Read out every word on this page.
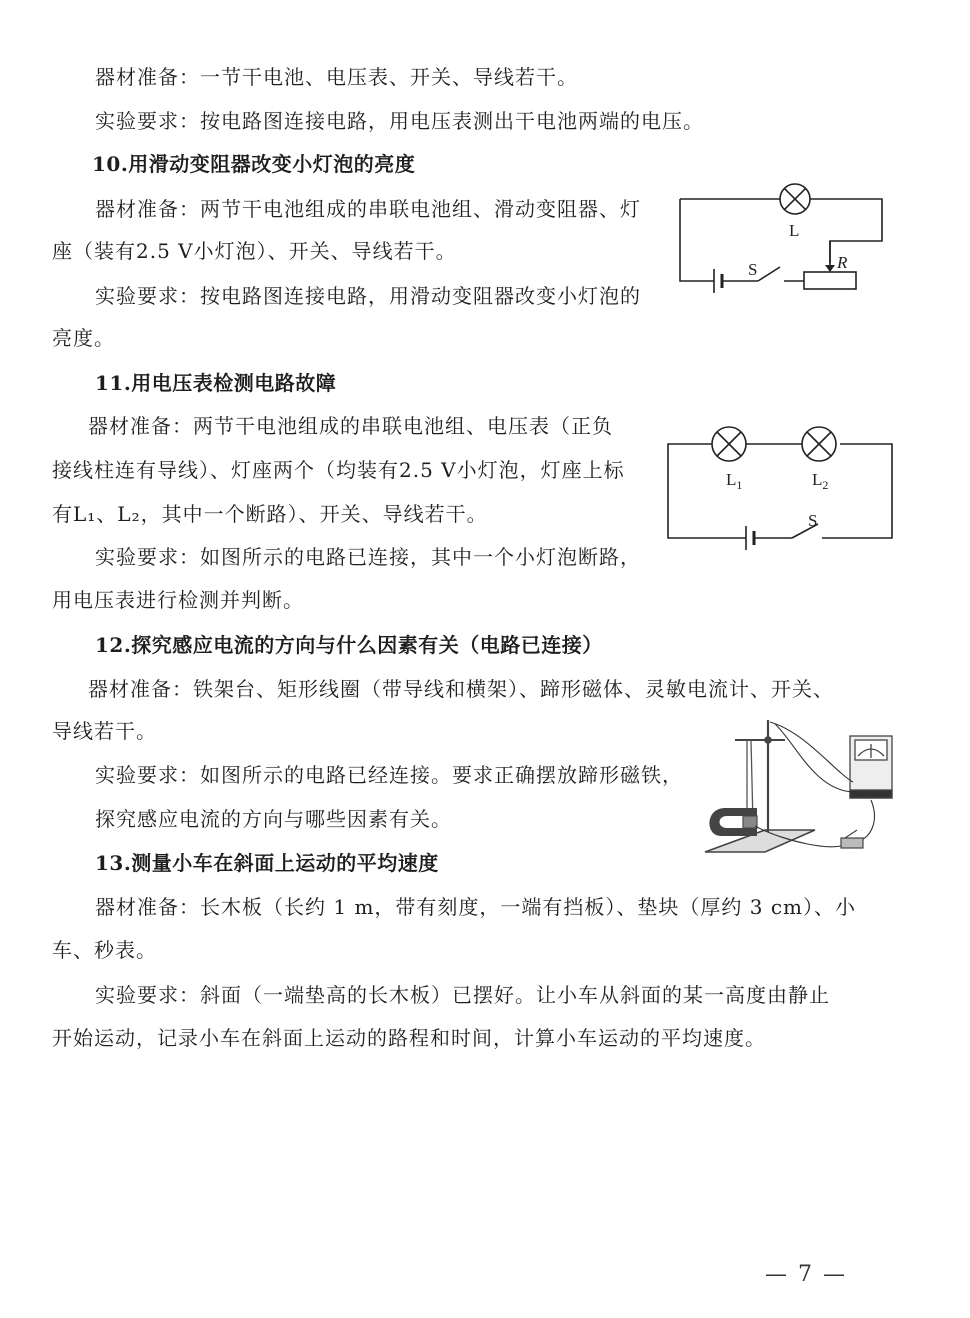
器材准备：一节干电池、电压表、开关、导线若干。
实验要求：按电路图连接电路，用电压表测出干电池两端的电压。
10.用滑动变阻器改变小灯泡的亮度
器材准备：两节干电池组成的串联电池组、滑动变阻器、灯
座（装有2.5 V小灯泡）、开关、导线若干。
实验要求：按电路图连接电路，用滑动变阻器改变小灯泡的
亮度。
11.用电压表检测电路故障
器材准备：两节干电池组成的串联电池组、电压表（正负
接线柱连有导线）、灯座两个（均装有2.5 V小灯泡，灯座上标
有L₁、L₂，其中一个断路）、开关、导线若干。
实验要求：如图所示的电路已连接，其中一个小灯泡断路，
用电压表进行检测并判断。
12.探究感应电流的方向与什么因素有关（电路已连接）
器材准备：铁架台、矩形线圈（带导线和横架）、蹄形磁体、灵敏电流计、开关、
导线若干。
实验要求：如图所示的电路已经连接。要求正确摆放蹄形磁铁，
探究感应电流的方向与哪些因素有关。
13.测量小车在斜面上运动的平均速度
器材准备：长木板（长约 1 m，带有刻度，一端有挡板）、垫块（厚约 3 cm）、小
车、秒表。
实验要求：斜面（一端垫高的长木板）已摆好。让小车从斜面的某一高度由静止
开始运动，记录小车在斜面上运动的路程和时间，计算小车运动的平均速度。
L
S	R
$L_1$	$L_2$
S
— 7 —
